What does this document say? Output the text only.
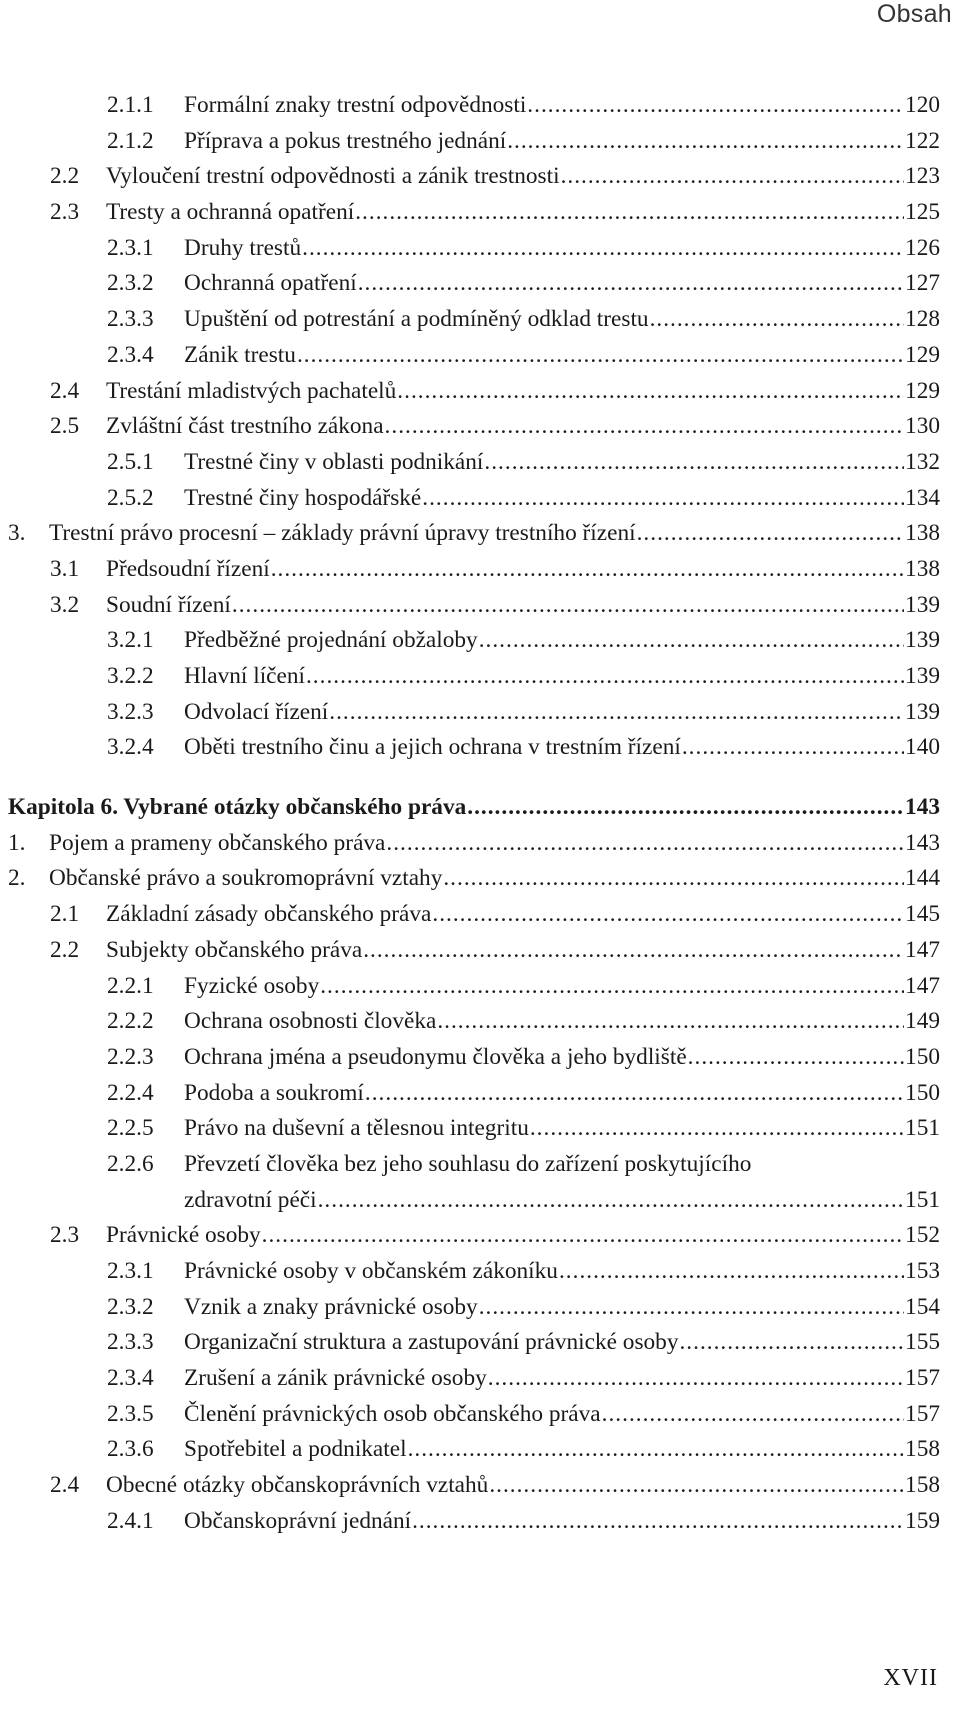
Obsah
2.1.1 Formální znaky trestní odpovědnosti .....	120
2.1.2 Příprava a pokus trestného jednání .....	122
2.2 Vyloučení trestní odpovědnosti a zánik trestnosti .....	123
2.3 Tresty a ochranná opatření .....	125
2.3.1 Druhy trestů .....	126
2.3.2 Ochranná opatření .....	127
2.3.3 Upuštění od potrestání a podmíněný odklad trestu .....	128
2.3.4 Zánik trestu .....	129
2.4 Trestání mladistvých pachatelů .....	129
2.5 Zvláštní část trestního zákona .....	130
2.5.1 Trestné činy v oblasti podnikání .....	132
2.5.2 Trestné činy hospodářské .....	134
3. Trestní právo procesní – základy právní úpravy trestního řízení .....	138
3.1 Předsoudní řízení .....	138
3.2 Soudní řízení .....	139
3.2.1 Předběžné projednání obžaloby .....	139
3.2.2 Hlavní líčení .....	139
3.2.3 Odvolací řízení .....	139
3.2.4 Oběti trestního činu a jejich ochrana v trestním řízení .....	140
Kapitola 6. Vybrané otázky občanského práva .....	143
1. Pojem a prameny občanského práva .....	143
2. Občanské právo a soukromoprávní vztahy .....	144
2.1 Základní zásady občanského práva .....	145
2.2 Subjekty občanského práva .....	147
2.2.1 Fyzické osoby .....	147
2.2.2 Ochrana osobnosti člověka .....	149
2.2.3 Ochrana jména a pseudonymu člověka a jeho bydliště .....	150
2.2.4 Podoba a soukromí .....	150
2.2.5 Právo na duševní a tělesnou integritu .....	151
2.2.6 Převzetí člověka bez jeho souhlasu do zařízení poskytujícího
zdravotní péči .....	151
2.3 Právnické osoby .....	152
2.3.1 Právnické osoby v občanském zákoníku .....	153
2.3.2 Vznik a znaky právnické osoby .....	154
2.3.3 Organizační struktura a zastupování právnické osoby .....	155
2.3.4 Zrušení a zánik právnické osoby .....	157
2.3.5 Členění právnických osob občanského práva .....	157
2.3.6 Spotřebitel a podnikatel .....	158
2.4 Obecné otázky občanskoprávních vztahů .....	158
2.4.1 Občanskoprávní jednání .....	159
XVII
